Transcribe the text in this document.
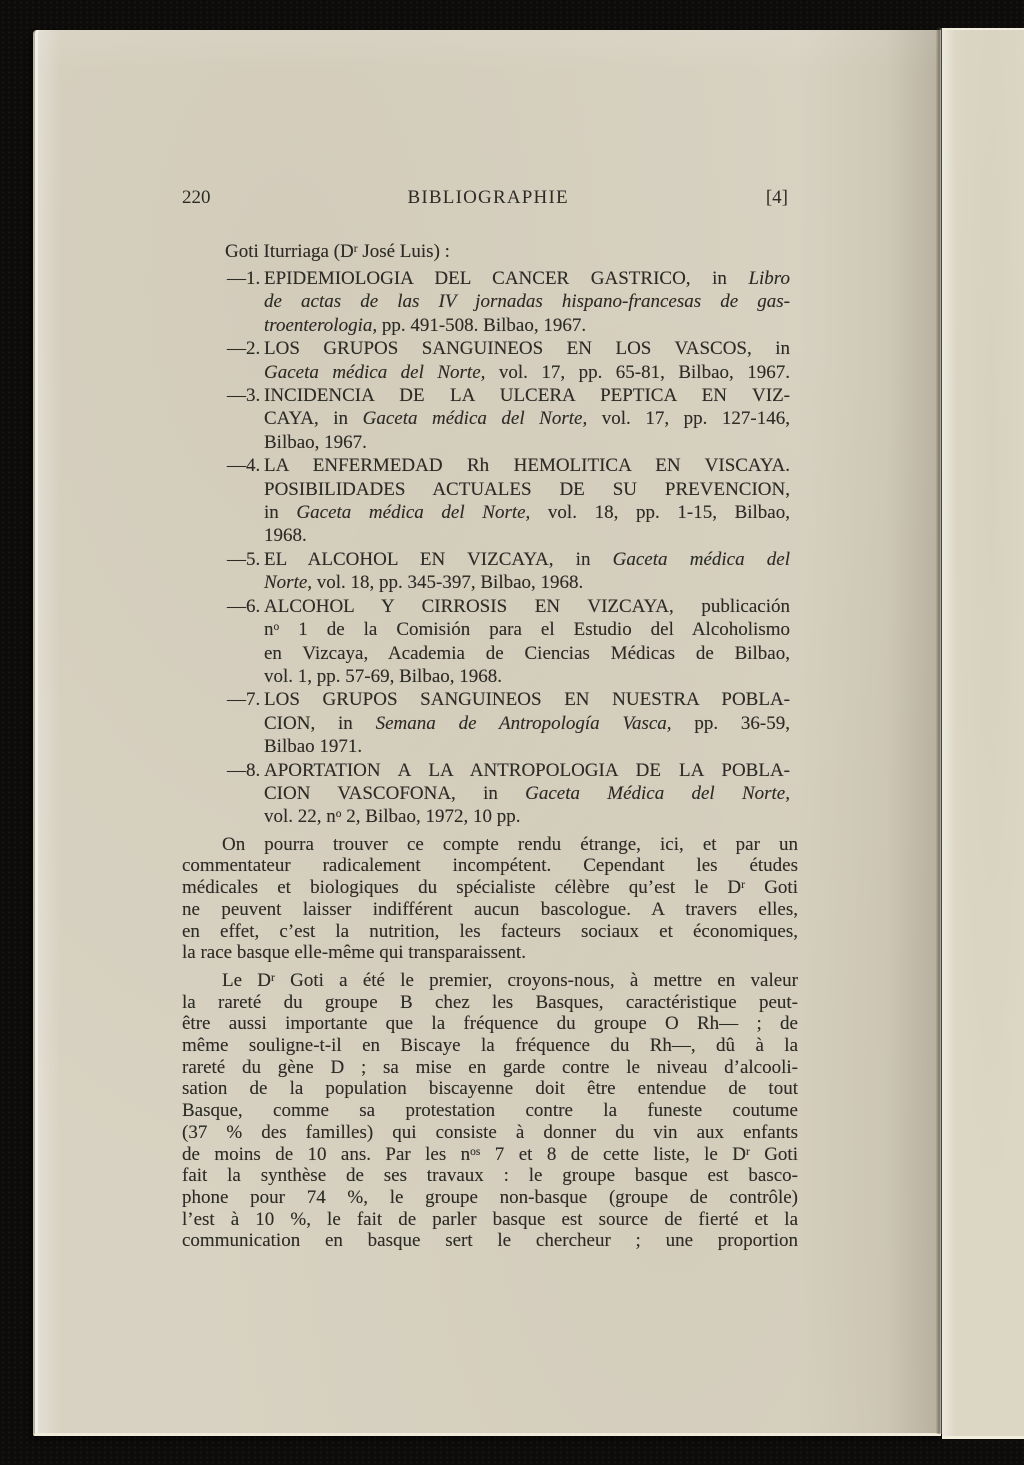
220	BIBLIOGRAPHIE	[4]
Goti Iturriaga ($D^r$ José Luis) :
— 1. EPIDEMIOLOGIA DEL CANCER GASTRICO, in Libro
de actas de las IV jornadas hispano-francesas de gas-
troenterologia, pp. 491-508. Bilbao, 1967.
— 2. LOS GRUPOS SANGUINEOS EN LOS VASCOS, in
Gaceta médica del Norte, vol. 17, pp. 65-81, Bilbao, 1967.
— 3. INCIDENCIA DE LA ULCERA PEPTICA EN VIZ-
CAYA, in Gaceta médica del Norte, vol. 17, pp. 127-146,
Bilbao, 1967.
— 4. LA ENFERMEDAD Rh HEMOLITICA EN VISCAYA.
POSIBILIDADES ACTUALES DE SU PREVENCION,
in Gaceta médica del Norte, vol. 18, pp. 1-15, Bilbao,
1968.
— 5. EL ALCOHOL EN VIZCAYA, in Gaceta médica del
Norte, vol. 18, pp. 345-397, Bilbao, 1968.
— 6. ALCOHOL Y CIRROSIS EN VIZCAYA, publicación
$n^o$ 1 de la Comisión para el Estudio del Alcoholismo
en Vizcaya, Academia de Ciencias Médicas de Bilbao,
vol. 1, pp. 57-69, Bilbao, 1968.
— 7. LOS GRUPOS SANGUINEOS EN NUESTRA POBLA-
CION, in Semana de Antropología Vasca, pp. 36-59,
Bilbao 1971.
— 8. APORTATION A LA ANTROPOLOGIA DE LA POBLA-
CION VASCOFONA, in Gaceta Médica del Norte,
vol. 22, $n^o$ 2, Bilbao, 1972, 10 pp.
On pourra trouver ce compte rendu étrange, ici, et par un
commentateur radicalement incompétent. Cependant les études
médicales et biologiques du spécialiste célèbre qu’est le $D^r$ Goti
ne peuvent laisser indifférent aucun bascologue. A travers elles,
en effet, c’est la nutrition, les facteurs sociaux et économiques,
la race basque elle-même qui transparaissent.
Le $D^r$ Goti a été le premier, croyons-nous, à mettre en valeur
la rareté du groupe B chez les Basques, caractéristique peut-
être aussi importante que la fréquence du groupe O Rh— ; de
même souligne-t-il en Biscaye la fréquence du Rh—, dû à la
rareté du gène D ; sa mise en garde contre le niveau d’alcooli-
sation de la population biscayenne doit être entendue de tout
Basque, comme sa protestation contre la funeste coutume
(37 % des familles) qui consiste à donner du vin aux enfants
de moins de 10 ans. Par les $n^{os}$ 7 et 8 de cette liste, le $D^r$ Goti
fait la synthèse de ses travaux : le groupe basque est basco-
phone pour 74 %, le groupe non-basque (groupe de contrôle)
l’est à 10 %, le fait de parler basque est source de fierté et la
communication en basque sert le chercheur ; une proportion
